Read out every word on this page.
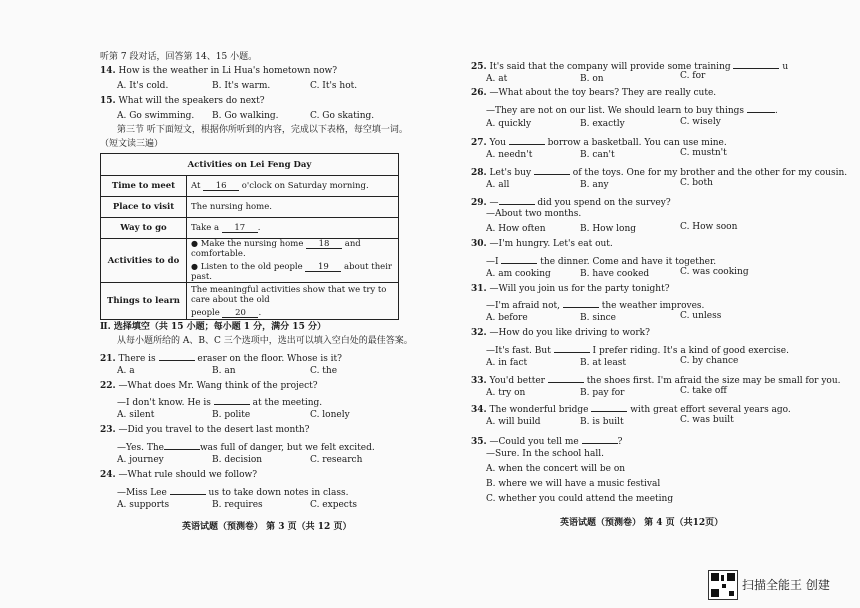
听第 7 段对话，回答第 14、15 小题。
14. How is the weather in Li Hua's hometown now?
A. It's cold.	B. It's warm.	C. It's hot.
15. What will the speakers do next?
A. Go swimming. B. Go walking.	C. Go skating.
第三节 听下面短文，根据你所听到的内容，完成以下表格，每空填一词。
（短文读三遍）
Activities on Lei Feng Day	
Time to meet	At 16 o'clock on Saturday morning.
Place to visit	The nursing home.
Way to go	Take a 17 .
Activities to do	● Make the nursing home 18 and comfortable.
● Listen to the old people 19 about their past.

Things to learn	The meaningful activities show that we try to care about the old
people 20 .
Ⅱ. 选择填空（共 15 小题；每小题 1 分，满分 15 分）
从每小题所给的 A、B、C 三个选项中，选出可以填入空白处的最佳答案。
21. There is	eraser on the floor. Whose is it?
A. a	B. an	C. the
22. —What does Mr. Wang think of the project?
—I don't know. He is	at the meeting.
A. silent	B. polite	C. lonely
23. —Did you travel to the desert last month?
—Yes. The	was full of danger, but we felt excited.
A. journey	B. decision	C. research
24. —What rule should we follow?
—Miss Lee	us to take down notes in class.
A. supports	B. requires	C. expects
英语试题（预测卷） 第 3 页（共 12 页）
25. It's said that the company will provide some training	u
A. at	B. on	C. for
26. —What about the toy bears? They are really cute.
—They are not on our list. We should learn to buy things	.
A. quickly	B. exactly	C. wisely
27. You	borrow a basketball. You can use mine.
A. needn't	B. can't	C. mustn't
28. Let's buy	of the toys. One for my brother and the other for my cousin.
A. all	B. any	C. both
29. —	did you spend on the survey?
—About two months.
A. How often	B. How long	C. How soon
30. —I'm hungry. Let's eat out.
—I	the dinner. Come and have it together.
A. am cooking	B. have cooked	C. was cooking
31. —Will you join us for the party tonight?
—I'm afraid not,	the weather improves.
A. before	B. since	C. unless
32. —How do you like driving to work?
—It's fast. But	I prefer riding. It's a kind of good exercise.
A. in fact	B. at least	C. by chance
33. You'd better	the shoes first. I'm afraid the size may be small for you.
A. try on	B. pay for	C. take off
34. The wonderful bridge	with great effort several years ago.
A. will build	B. is built	C. was built
35. —Could you tell me	?
—Sure. In the school hall.
A. when the concert will be on
B. where we will have a music festival
C. whether you could attend the meeting
英语试题（预测卷） 第 4 页（共12页）
扫描全能王 创建
